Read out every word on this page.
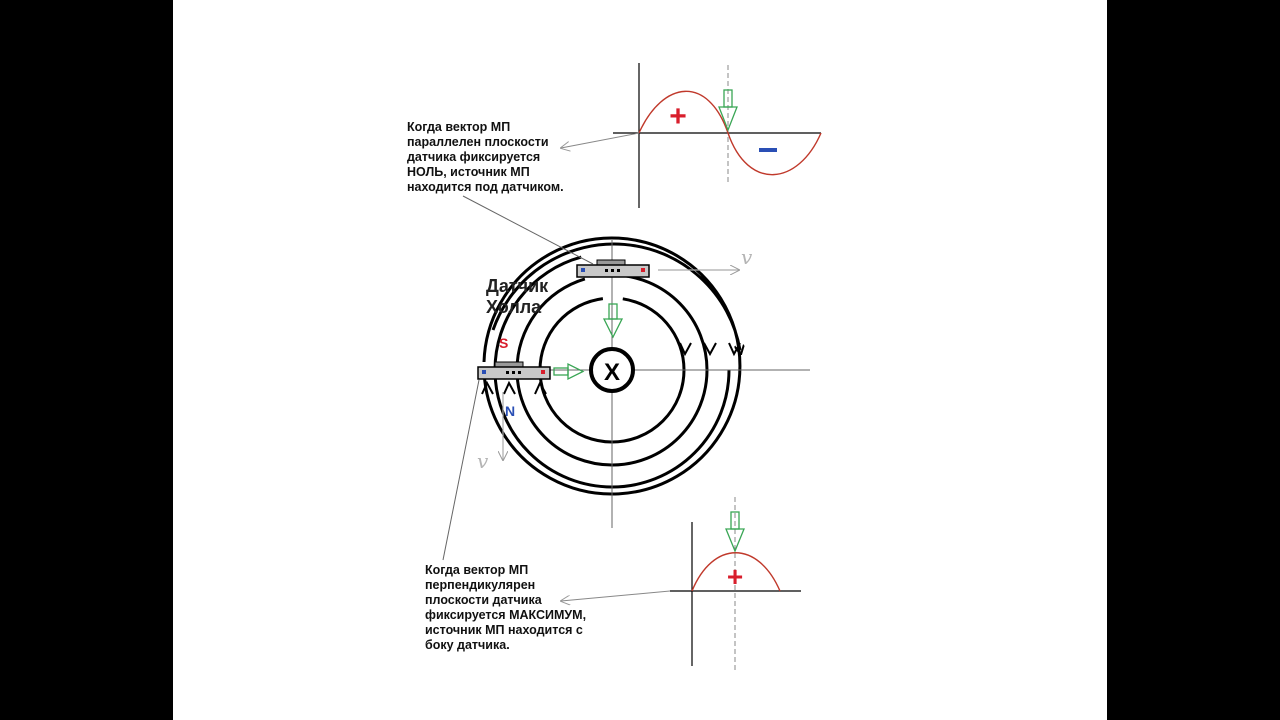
+
X
v
v
Датчик
Холла
S
N
+
Когда вектор МП
параллелен плоскости
датчика фиксируется
НОЛЬ, источник МП
находится под датчиком.
Когда вектор МП
перпендикулярен
плоскости датчика
фиксируется МАКСИМУМ,
источник МП находится с
боку датчика.
